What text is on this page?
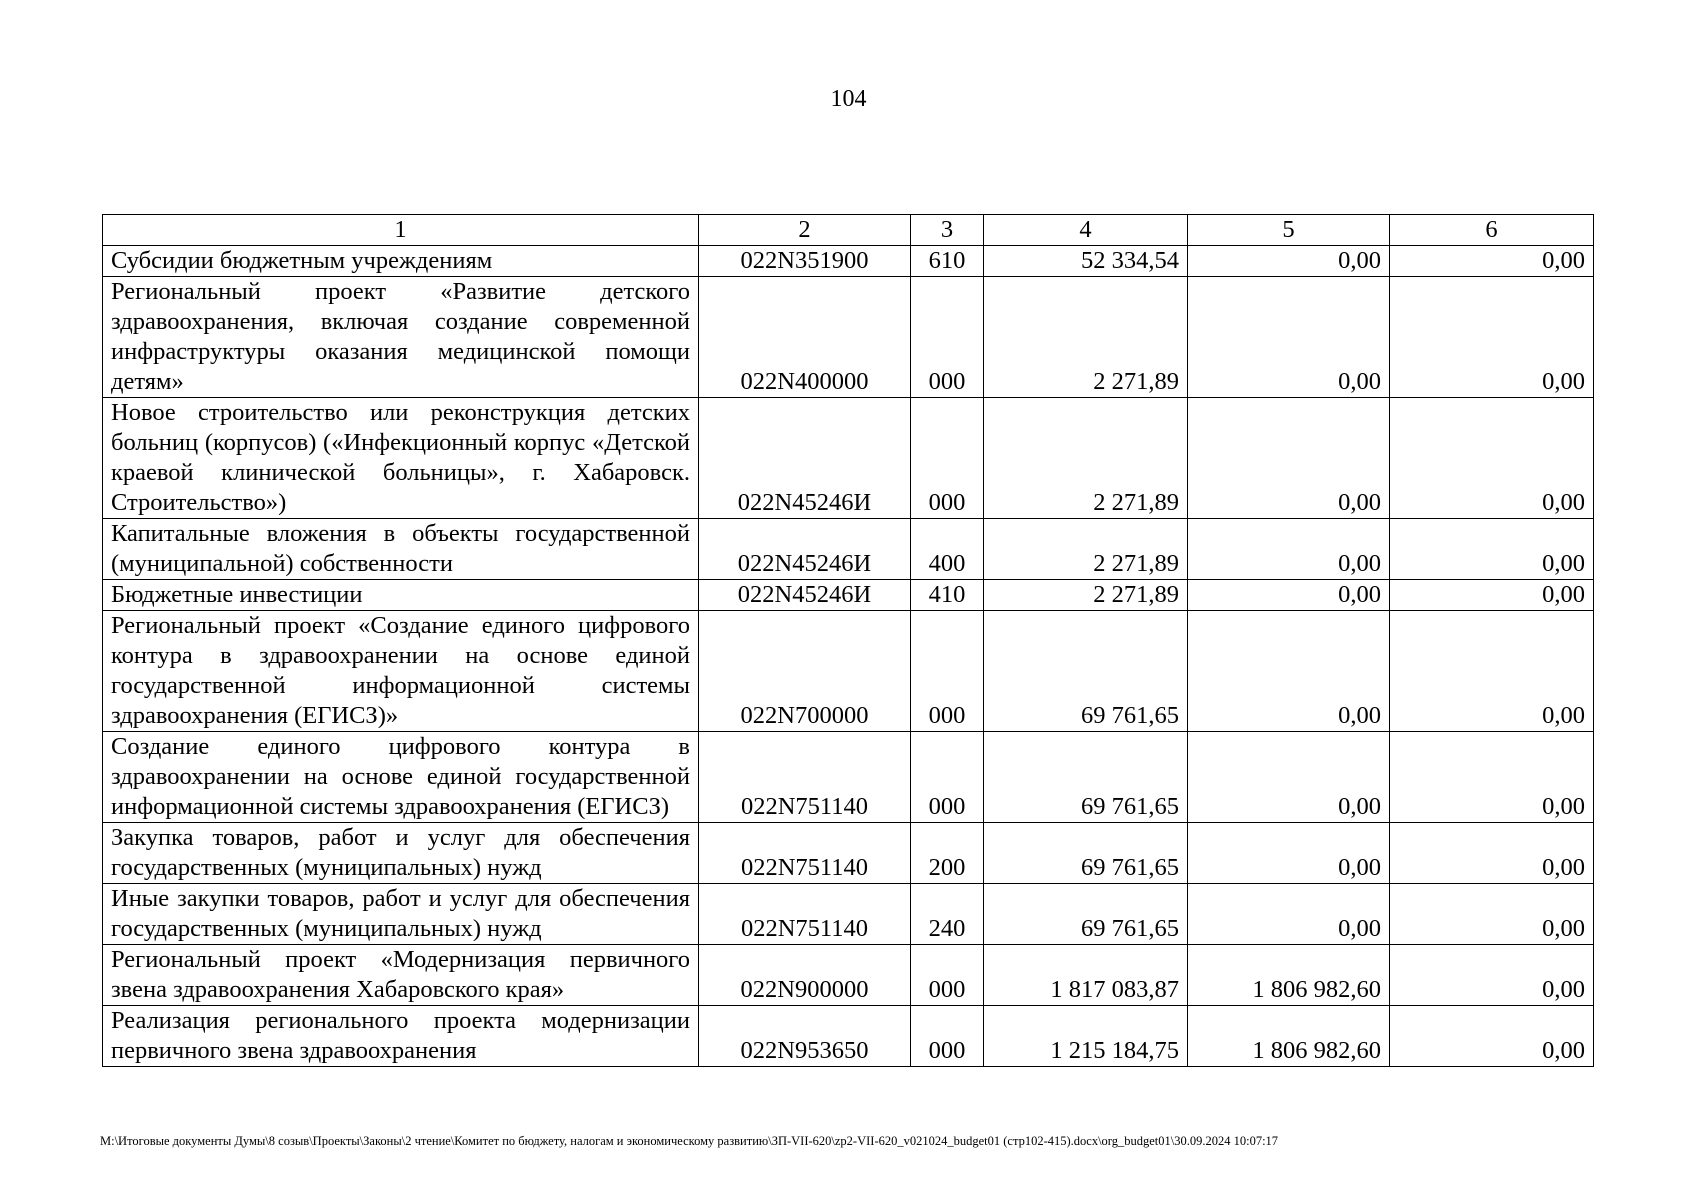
104
1	2	3	4	5	6
Субсидии бюджетным учреждениям	022N351900	610	52 334,54	0,00	0,00
Региональный проект «Развитие детского здравоохранения, включая создание современной инфраструктуры оказания медицинской помощи детям»	022N400000	000	2 271,89	0,00	0,00
Новое строительство или реконструкция детских больниц (корпусов) («Инфекционный корпус «Детской краевой клинической больницы», г. Хабаровск. Строительство»)	022N45246И	000	2 271,89	0,00	0,00
Капитальные вложения в объекты государственной (муниципальной) собственности	022N45246И	400	2 271,89	0,00	0,00
Бюджетные инвестиции	022N45246И	410	2 271,89	0,00	0,00
Региональный проект «Создание единого цифрового контура в здравоохранении на основе единой государственной информационной системы здравоохранения (ЕГИСЗ)»	022N700000	000	69 761,65	0,00	0,00
Создание единого цифрового контура в здравоохранении на основе единой государственной информационной системы здравоохранения (ЕГИСЗ)	022N751140	000	69 761,65	0,00	0,00
Закупка товаров, работ и услуг для обеспечения государственных (муниципальных) нужд	022N751140	200	69 761,65	0,00	0,00
Иные закупки товаров, работ и услуг для обеспечения государственных (муниципальных) нужд	022N751140	240	69 761,65	0,00	0,00
Региональный проект «Модернизация первичного звена здравоохранения Хабаровского края»	022N900000	000	1 817 083,87	1 806 982,60	0,00
Реализация регионального проекта модернизации первичного звена здравоохранения	022N953650	000	1 215 184,75	1 806 982,60	0,00
M:\Итоговые документы Думы\8 созыв\Проекты\Законы\2 чтение\Комитет по бюджету, налогам и экономическому развитию\ЗП-VII-620\zp2-VII-620_v021024_budget01 (стр102-415).docx\org_budget01\30.09.2024 10:07:17
